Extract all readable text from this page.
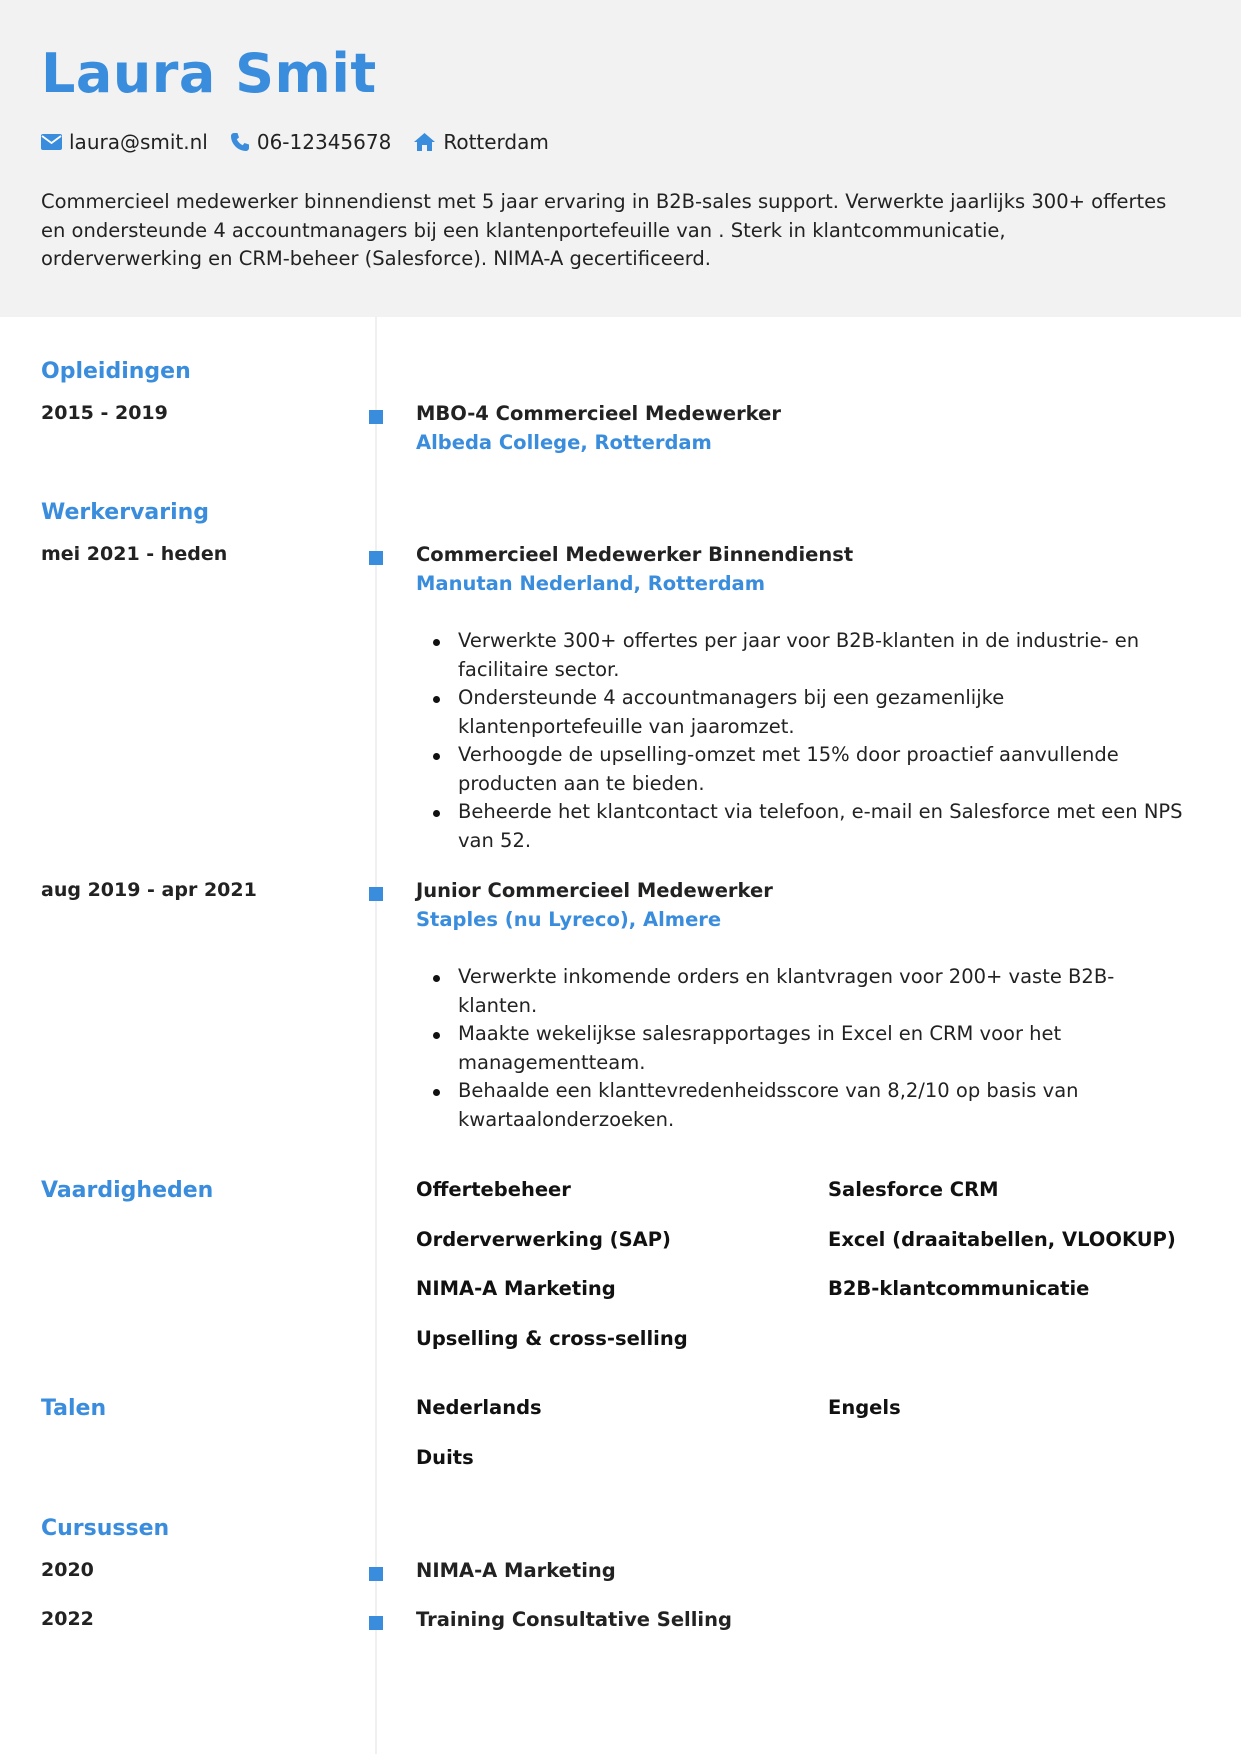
Laura Smit
laura@smit.nl 06-12345678	Rotterdam

Commercieel medewerker binnendienst met 5 jaar ervaring in B2B-sales support. Verwerkte jaarlijks 300+ offertes en ondersteunde 4 accountmanagers bij een klantenportefeuille van . Sterk in klantcommunicatie, orderverwerking en CRM-beheer (Salesforce). NIMA-A gecertificeerd.

Opleidingen
2015 - 2019	MBO-4 Commercieel Medewerker
Albeda College, Rotterdam
Werkervaring
mei 2021 - heden	Commercieel Medewerker Binnendienst
Manutan Nederland, Rotterdam
Verwerkte 300+ offertes per jaar voor B2B-klanten in de industrie- en facilitaire sector.
Ondersteunde 4 accountmanagers bij een gezamenlijke klantenportefeuille van jaaromzet.
Verhoogde de upselling-omzet met 15% door proactief aanvullende producten aan te bieden.
Beheerde het klantcontact via telefoon, e-mail en Salesforce met een NPS van 52.
aug 2019 - apr 2021	Junior Commercieel Medewerker
Staples (nu Lyreco), Almere
Verwerkte inkomende orders en klantvragen voor 200+ vaste B2B-klanten.
Maakte wekelijkse salesrapportages in Excel en CRM voor het managementteam.
Behaalde een klanttevredenheidsscore van 8,2/10 op basis van kwartaalonderzoeken.
Vaardigheden	Offertebeheer	Salesforce CRM
Orderverwerking (SAP)	Excel (draaitabellen, VLOOKUP)
NIMA-A Marketing	B2B-klantcommunicatie
Upselling & cross-selling
Talen	Nederlands	Engels
Duits
Cursussen
2020	NIMA-A Marketing
2022	Training Consultative Selling
